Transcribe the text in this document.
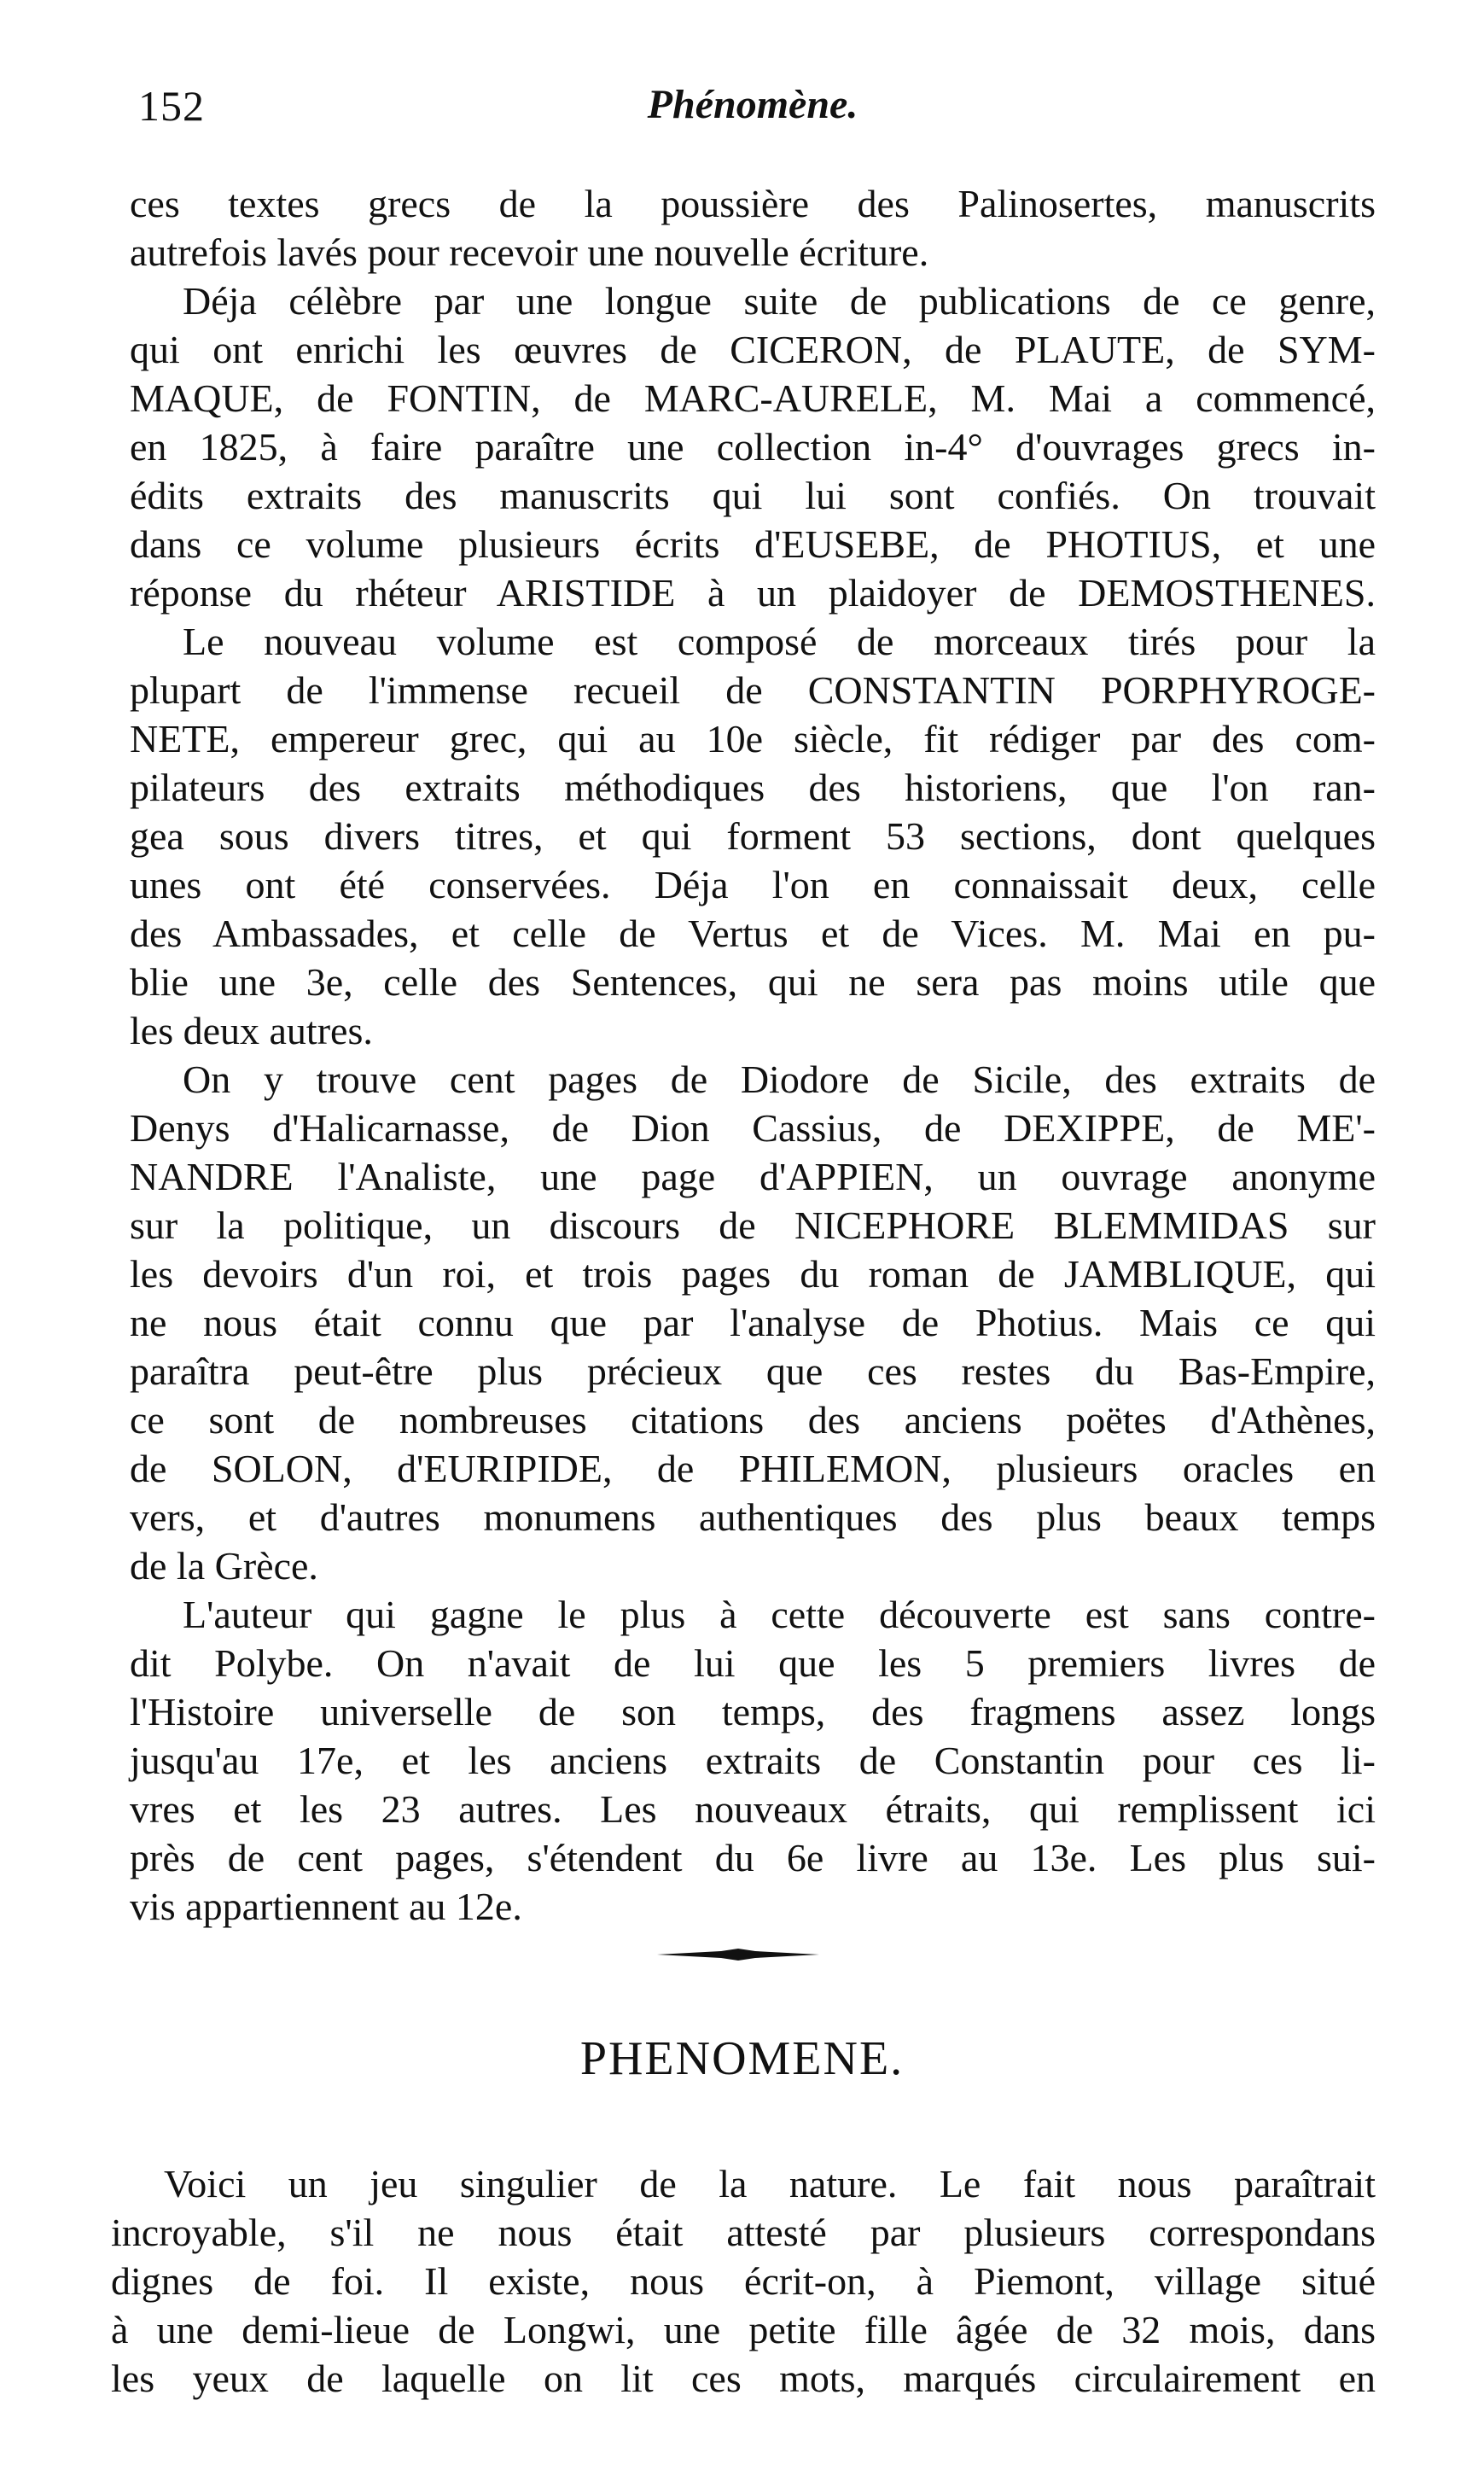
152	Phénomène.
ces textes grecs de la poussière des Palinosertes, manuscrits
autrefois lavés pour recevoir une nouvelle écriture.
Déja célèbre par une longue suite de publications de ce genre,
qui ont enrichi les œuvres de CICERON, de PLAUTE, de SYM-
MAQUE, de FONTIN, de MARC-AURELE, M. Mai a commencé,
en 1825, à faire paraître une collection in-4° d'ouvrages grecs in-
édits extraits des manuscrits qui lui sont confiés. On trouvait
dans ce volume plusieurs écrits d'EUSEBE, de PHOTIUS, et une
réponse du rhéteur ARISTIDE à un plaidoyer de DEMOSTHENES.
Le nouveau volume est composé de morceaux tirés pour la
plupart de l'immense recueil de CONSTANTIN PORPHYROGE-
NETE, empereur grec, qui au 10e siècle, fit rédiger par des com-
pilateurs des extraits méthodiques des historiens, que l'on ran-
gea sous divers titres, et qui forment 53 sections, dont quelques
unes ont été conservées. Déja l'on en connaissait deux, celle
des Ambassades, et celle de Vertus et de Vices. M. Mai en pu-
blie une 3e, celle des Sentences, qui ne sera pas moins utile que
les deux autres.
On y trouve cent pages de Diodore de Sicile, des extraits de
Denys d'Halicarnasse, de Dion Cassius, de DEXIPPE, de ME'-
NANDRE l'Analiste, une page d'APPIEN, un ouvrage anonyme
sur la politique, un discours de NICEPHORE BLEMMIDAS sur
les devoirs d'un roi, et trois pages du roman de JAMBLIQUE, qui
ne nous était connu que par l'analyse de Photius. Mais ce qui
paraîtra peut-être plus précieux que ces restes du Bas-Empire,
ce sont de nombreuses citations des anciens poëtes d'Athènes,
de SOLON, d'EURIPIDE, de PHILEMON, plusieurs oracles en
vers, et d'autres monumens authentiques des plus beaux temps
de la Grèce.
L'auteur qui gagne le plus à cette découverte est sans contre-
dit Polybe. On n'avait de lui que les 5 premiers livres de
l'Histoire universelle de son temps, des fragmens assez longs
jusqu'au 17e, et les anciens extraits de Constantin pour ces li-
vres et les 23 autres. Les nouveaux étraits, qui remplissent ici
près de cent pages, s'étendent du 6e livre au 13e. Les plus sui-
vis appartiennent au 12e.
PHENOMENE.
Voici un jeu singulier de la nature. Le fait nous paraîtrait
incroyable, s'il ne nous était attesté par plusieurs correspondans
dignes de foi. Il existe, nous écrit-on, à Piemont, village situé
à une demi-lieue de Longwi, une petite fille âgée de 32 mois, dans
les yeux de laquelle on lit ces mots, marqués circulairement en
